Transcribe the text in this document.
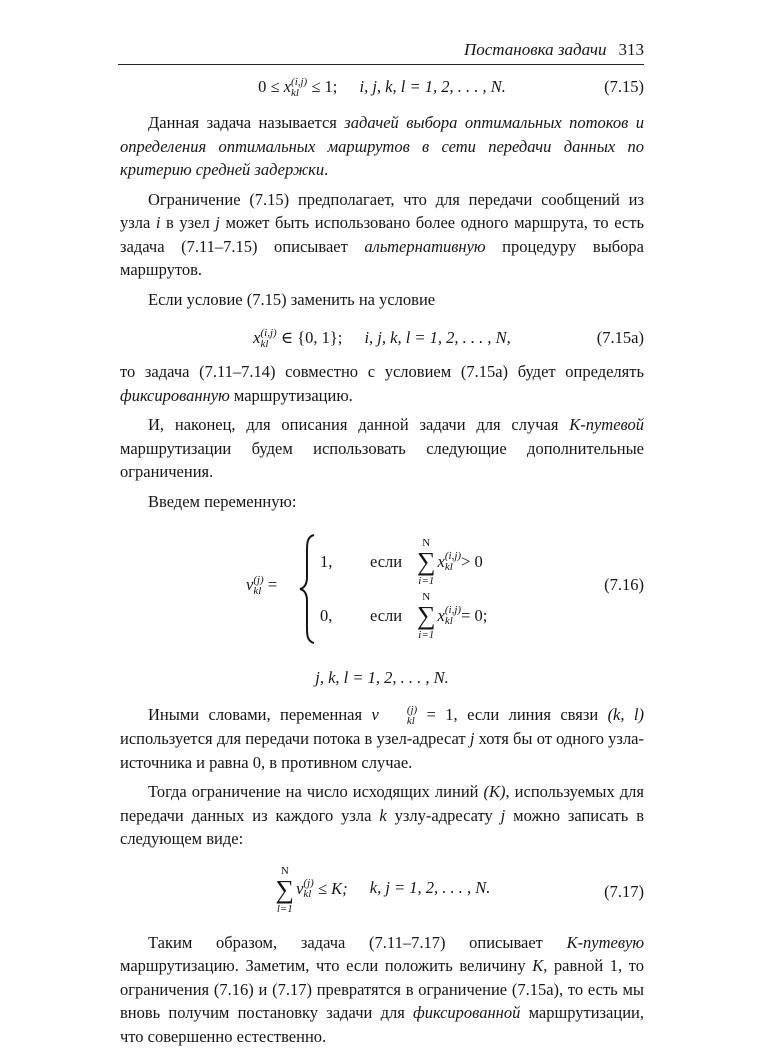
Постановка задачи 313
0 ≤ x (i,j)
kl ≤ 1; i, j, k, l = 1, 2, . . . , N.	(7.15)

Данная задача называется задачей выбора оптимальных потоков и определения оптимальных маршрутов в сети передачи данных по критерию средней задержки.

Ограничение (7.15) предполагает, что для передачи сообщений из узла i в узел j может быть использовано более одного маршрута, то есть задача (7.11–7.15) описывает альтернативную процедуру выбора маршрутов.

Если условие (7.15) заменить на условие

x (i,j)
kl ∈ {0, 1}; i, j, k, l = 1, 2, . . . , N,	(7.15a)

то задача (7.11–7.14) совместно с условием (7.15а) будет определять фиксированную маршрутизацию.

И, наконец, для описания данной задачи для случая К-путевой маршрутизации будем использовать следующие дополнительные ограничения.

Введем переменную:

ν (j)
kl =
1,	если
N
∑
i=1
x (i,j)
kl > 0
0,	если
N
∑
i=1
x (i,j)
kl = 0;
(7.16)
j, k, l = 1, 2, . . . , N.

Иными словами, переменная ν	(j)
kl = 1, если линия связи (k, l) используется для передачи потока в узел-адресат j хотя бы от одного узла-источника и равна 0, в противном случае.

Тогда ограничение на число исходящих линий (K), используемых для передачи данных из каждого узла k узлу-адресату j можно записать в следующем виде:

N
∑
l=1
ν (j)
kl ≤ K; k, j = 1, 2, . . . , N.	(7.17)

Таким образом, задача (7.11–7.17) описывает К-путевую маршрутизацию. Заметим, что если положить величину K, равной 1, то ограничения (7.16) и (7.17) превратятся в ограничение (7.15а), то есть мы вновь получим постановку задачи для фиксированной маршрутизации, что совершенно естественно.
